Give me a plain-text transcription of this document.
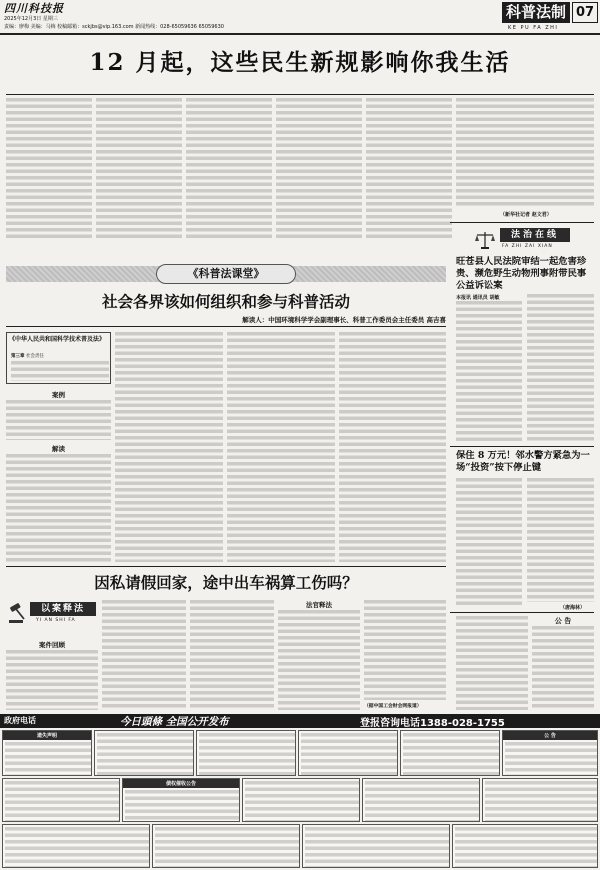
四川科技报
2025年12月3日 星期三
责编：廖梅 美编：马梅 校稿邮箱：sckjbs@vip.163.com 新闻热线：028-65059636 65059630
科普法制 07
KE PU FA ZHI
12 月起，这些民生新规影响你我生活
（新华社记者 赵文君）
法治在线
FA ZHI ZAI XIAN
旺苍县人民法院审结一起危害珍贵、濒危野生动物刑事附带民事公益诉讼案
本报讯 通讯员 胡敏
《科普法课堂》
社会各界该如何组织和参与科普活动
解读人：中国环境科学学会副理事长、科普工作委员会主任委员 高吉喜
《中华人民共和国科学技术普及法》
第三章 社会责任
案例
解读
保住 8 万元！邻水警方紧急为一场“投资”按下停止键
（唐海林）
因私请假回家，途中出车祸算工伤吗？
以案释法
YI AN SHI FA
案件回顾
法官释法
（据中国工会财会网报道）
公 告
政府电话	今日頭條 全国公开发布	登报咨询电话1388-028-1755
遗失声明	公 告
债权催收公告
